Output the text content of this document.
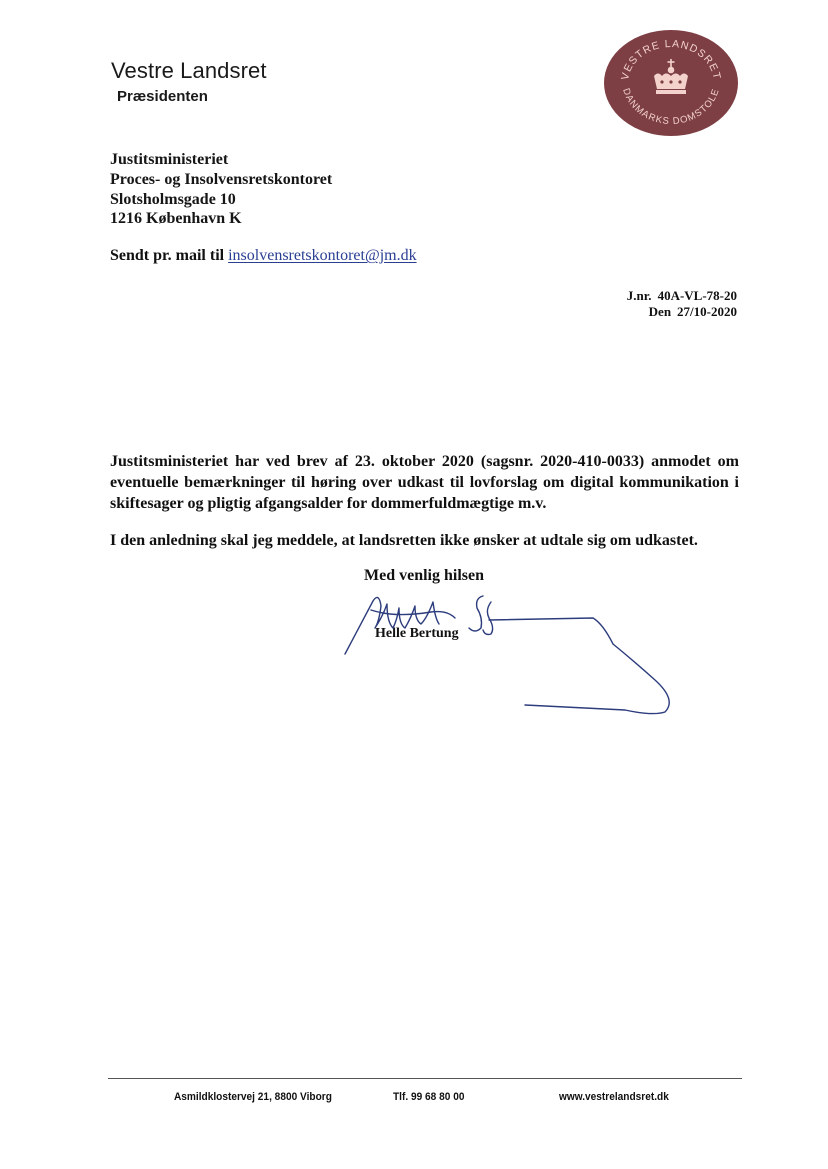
Vestre Landsret
Præsidenten
VESTRE LANDSRET
DANMARKS DOMSTOLE
Justitsministeriet
Proces- og Insolvensretskontoret
Slotsholmsgade 10
1216 København K
Sendt pr. mail til insolvensretskontoret@jm.dk
J.nr. 40A-VL-78-20
Den 27/10-2020

Justitsministeriet har ved brev af 23. oktober 2020 (sagsnr. 2020-410-0033) anmodet om eventuelle bemærkninger til høring over udkast til lovforslag om digital kommunikation i skiftesager og pligtig afgangsalder for dommerfuldmægtige m.v.

I den anledning skal jeg meddele, at landsretten ikke ønsker at udtale sig om udkastet.

Med venlig hilsen
Helle Bertung
Asmildklostervej 21, 8800 Viborg	Tlf. 99 68 80 00	www.vestrelandsret.dk
